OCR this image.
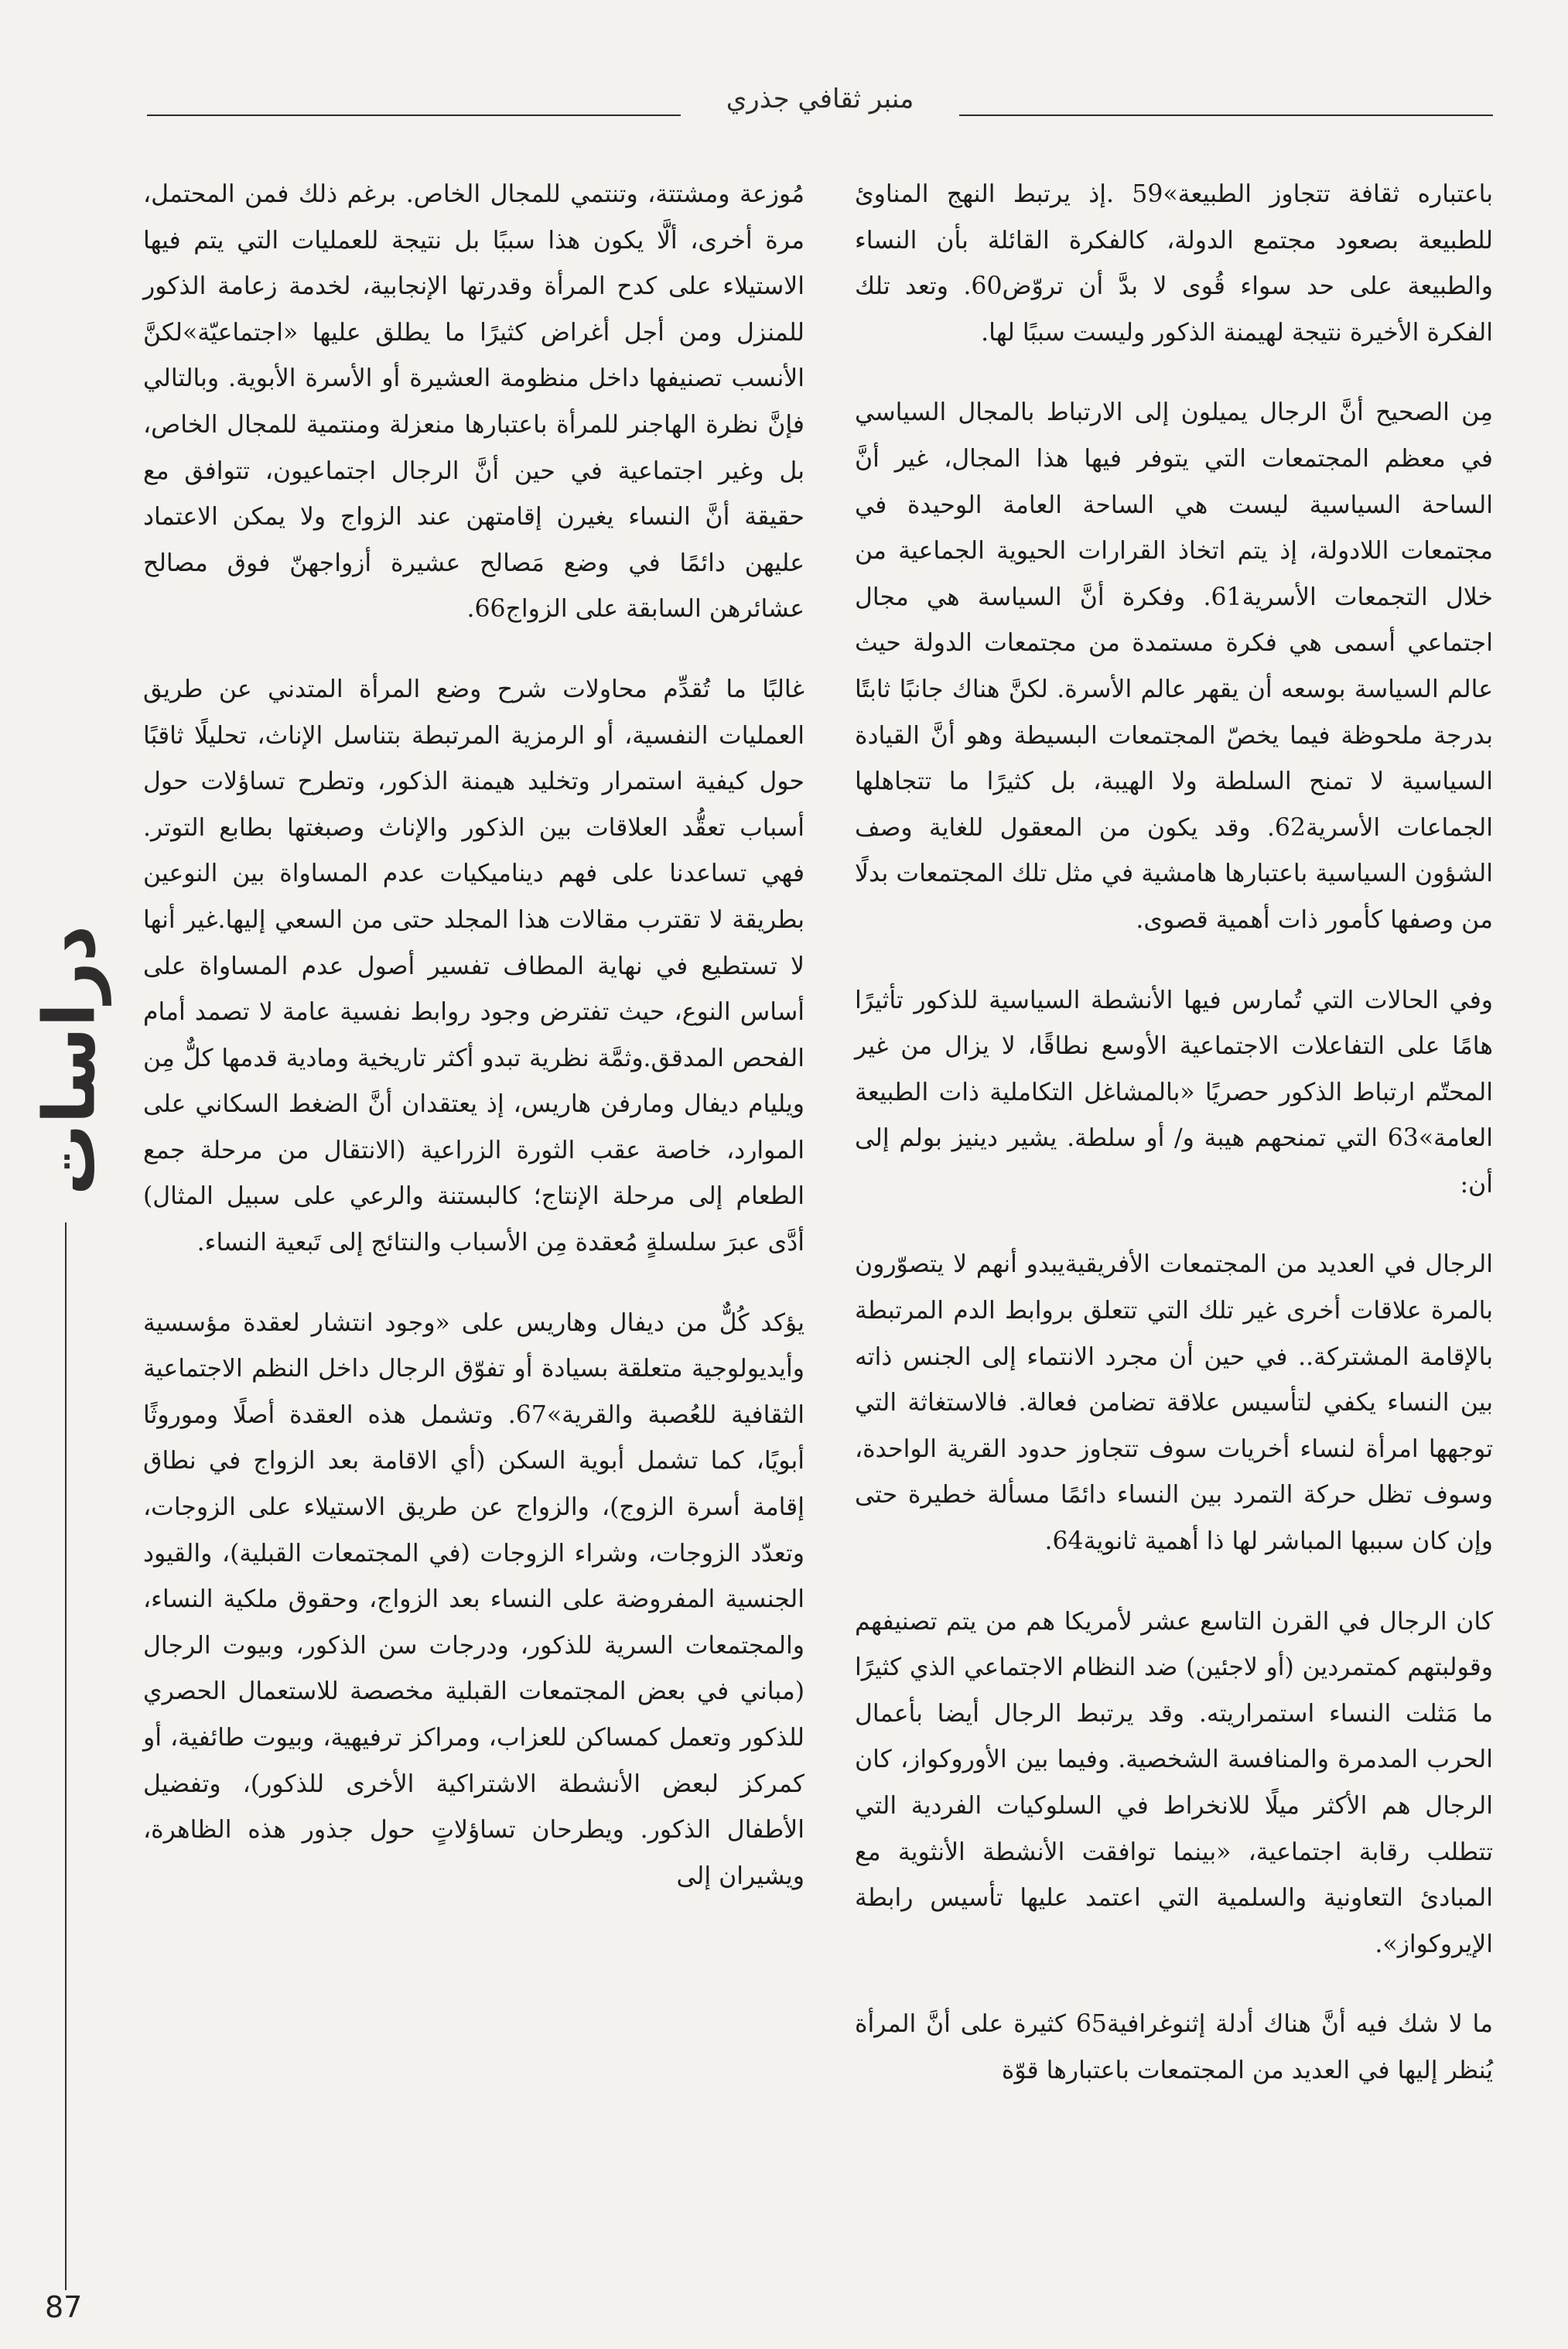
منبر ثقافي جذري

باعتباره ثقافة تتجاوز الطبيعة»59 .إذ يرتبط النهج المناوئ للطبيعة بصعود مجتمع الدولة، كالفكرة القائلة بأن النساء والطبيعة على حد سواء قُوى لا بدَّ أن تروّض60. وتعد تلك الفكرة الأخيرة نتيجة لهيمنة الذكور وليست سببًا لها.

مِن الصحيح أنَّ الرجال يميلون إلى الارتباط بالمجال السياسي في معظم المجتمعات التي يتوفر فيها هذا المجال، غير أنَّ الساحة السياسية ليست هي الساحة العامة الوحيدة في مجتمعات اللادولة، إذ يتم اتخاذ القرارات الحيوية الجماعية من خلال التجمعات الأسرية61. وفكرة أنَّ السياسة هي مجال اجتماعي أسمى هي فكرة مستمدة من مجتمعات الدولة حيث عالم السياسة بوسعه أن يقهر عالم الأسرة. لكنَّ هناك جانبًا ثابتًا بدرجة ملحوظة فيما يخصّ المجتمعات البسيطة وهو أنَّ القيادة السياسية لا تمنح السلطة ولا الهيبة، بل كثيرًا ما تتجاهلها الجماعات الأسرية62. وقد يكون من المعقول للغاية وصف الشؤون السياسية باعتبارها هامشية في مثل تلك المجتمعات بدلًا من وصفها كأمور ذات أهمية قصوى.

وفي الحالات التي تُمارس فيها الأنشطة السياسية للذكور تأثيرًا هامًا على التفاعلات الاجتماعية الأوسع نطاقًا، لا يزال من غير المحتّم ارتباط الذكور حصريًا «بالمشاغل التكاملية ذات الطبيعة العامة»63 التي تمنحهم هيبة و/ أو سلطة. يشير دينيز بولم إلى أن:

الرجال في العديد من المجتمعات الأفريقيةيبدو أنهم لا يتصوّرون بالمرة علاقات أخرى غير تلك التي تتعلق بروابط الدم المرتبطة بالإقامة المشتركة.. في حين أن مجرد الانتماء إلى الجنس ذاته بين النساء يكفي لتأسيس علاقة تضامن فعالة. فالاستغاثة التي توجهها امرأة لنساء أخريات سوف تتجاوز حدود القرية الواحدة، وسوف تظل حركة التمرد بين النساء دائمًا مسألة خطيرة حتى وإن كان سببها المباشر لها ذا أهمية ثانوية64.

كان الرجال في القرن التاسع عشر لأمريكا هم من يتم تصنيفهم وقولبتهم كمتمردين (أو لاجئين) ضد النظام الاجتماعي الذي كثيرًا ما مَثلت النساء استمراريته. وقد يرتبط الرجال أيضا بأعمال الحرب المدمرة والمنافسة الشخصية. وفيما بين الأوروكواز، كان الرجال هم الأكثر ميلًا للانخراط في السلوكيات الفردية التي تتطلب رقابة اجتماعية، «بينما توافقت الأنشطة الأنثوية مع المبادئ التعاونية والسلمية التي اعتمد عليها تأسيس رابطة الإيروكواز».

ما لا شك فيه أنَّ هناك أدلة إثنوغرافية65 كثيرة على أنَّ المرأة يُنظر إليها في العديد من المجتمعات باعتبارها قوّة

مُوزعة ومشتتة، وتنتمي للمجال الخاص. برغم ذلك فمن المحتمل، مرة أخرى، ألَّا يكون هذا سببًا بل نتيجة للعمليات التي يتم فيها الاستيلاء على كدح المرأة وقدرتها الإنجابية، لخدمة زعامة الذكور للمنزل ومن أجل أغراض كثيرًا ما يطلق عليها «اجتماعيّة»لكنَّ الأنسب تصنيفها داخل منظومة العشيرة أو الأسرة الأبوية. وبالتالي فإنَّ نظرة الهاجنر للمرأة باعتبارها منعزلة ومنتمية للمجال الخاص، بل وغير اجتماعية في حين أنَّ الرجال اجتماعيون، تتوافق مع حقيقة أنَّ النساء يغيرن إقامتهن عند الزواج ولا يمكن الاعتماد عليهن دائمًا في وضع مَصالح عشيرة أزواجهنّ فوق مصالح عشائرهن السابقة على الزواج66.

غالبًا ما تُقدِّم محاولات شرح وضع المرأة المتدني عن طريق العمليات النفسية، أو الرمزية المرتبطة بتناسل الإناث، تحليلًا ثاقبًا حول كيفية استمرار وتخليد هيمنة الذكور، وتطرح تساؤلات حول أسباب تعقُّد العلاقات بين الذكور والإناث وصبغتها بطابع التوتر. فهي تساعدنا على فهم ديناميكيات عدم المساواة بين النوعين بطريقة لا تقترب مقالات هذا المجلد حتى من السعي إليها.غير أنها لا تستطيع في نهاية المطاف تفسير أصول عدم المساواة على أساس النوع، حيث تفترض وجود روابط نفسية عامة لا تصمد أمام الفحص المدقق.وثمَّة نظرية تبدو أكثر تاريخية ومادية قدمها كلٌّ مِن ويليام ديفال ومارفن هاريس، إذ يعتقدان أنَّ الضغط السكاني على الموارد، خاصة عقب الثورة الزراعية (الانتقال من مرحلة جمع الطعام إلى مرحلة الإنتاج؛ كالبستنة والرعي على سبيل المثال) أدَّى عبرَ سلسلةٍ مُعقدة مِن الأسباب والنتائج إلى تَبعية النساء.

يؤكد كُلٌّ من ديفال وهاريس على «وجود انتشار لعقدة مؤسسية وأيديولوجية متعلقة بسيادة أو تفوّق الرجال داخل النظم الاجتماعية الثقافية للعُصبة والقرية»67. وتشمل هذه العقدة أصلًا وموروثًا أبويًا، كما تشمل أبوية السكن (أي الاقامة بعد الزواج في نطاق إقامة أسرة الزوج)، والزواج عن طريق الاستيلاء على الزوجات، وتعدّد الزوجات، وشراء الزوجات (في المجتمعات القبلية)، والقيود الجنسية المفروضة على النساء بعد الزواج، وحقوق ملكية النساء، والمجتمعات السرية للذكور، ودرجات سن الذكور، وبيوت الرجال (مباني في بعض المجتمعات القبلية مخصصة للاستعمال الحصري للذكور وتعمل كمساكن للعزاب، ومراكز ترفيهية، وبيوت طائفية، أو كمركز لبعض الأنشطة الاشتراكية الأخرى للذكور)، وتفضيل الأطفال الذكور. ويطرحان تساؤلاتٍ حول جذور هذه الظاهرة، ويشيران إلى

دراسات
87
